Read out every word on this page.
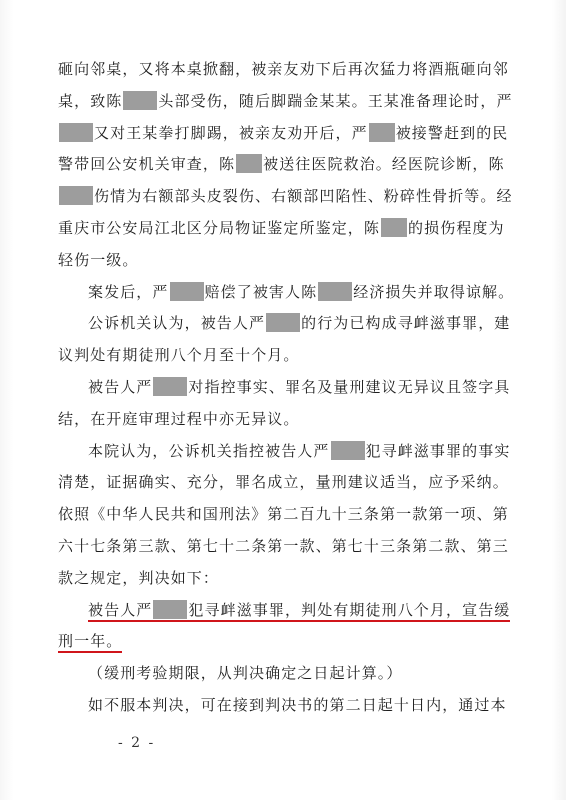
砸向邻桌，又将本桌掀翻，被亲友劝下后再次猛力将酒瓶砸向邻
桌，致陈 头部受伤，随后脚踹金某某。王某准备理论时，严
又对王某拳打脚踢，被亲友劝开后，严 被接警赶到的民
警带回公安机关审查，陈 被送往医院救治。经医院诊断，陈
伤情为右额部头皮裂伤、右额部凹陷性、粉碎性骨折等。经
重庆市公安局江北区分局物证鉴定所鉴定，陈 的损伤程度为
轻伤一级。
案发后，严 赔偿了被害人陈 经济损失并取得谅解。
公诉机关认为，被告人严 的行为已构成寻衅滋事罪，建
议判处有期徒刑八个月至十个月。
被告人严 对指控事实、罪名及量刑建议无异议且签字具
结，在开庭审理过程中亦无异议。
本院认为，公诉机关指控被告人严 犯寻衅滋事罪的事实
清楚，证据确实、充分，罪名成立，量刑建议适当，应予采纳。
依照《中华人民共和国刑法》第二百九十三条第一款第一项、第
六十七条第三款、第七十二条第一款、第七十三条第二款、第三
款之规定，判决如下：
被告人严 犯寻衅滋事罪，判处有期徒刑八个月，宣告缓
刑一年。
（缓刑考验期限，从判决确定之日起计算。）
如不服本判决，可在接到判决书的第二日起十日内，通过本
- 2 -
